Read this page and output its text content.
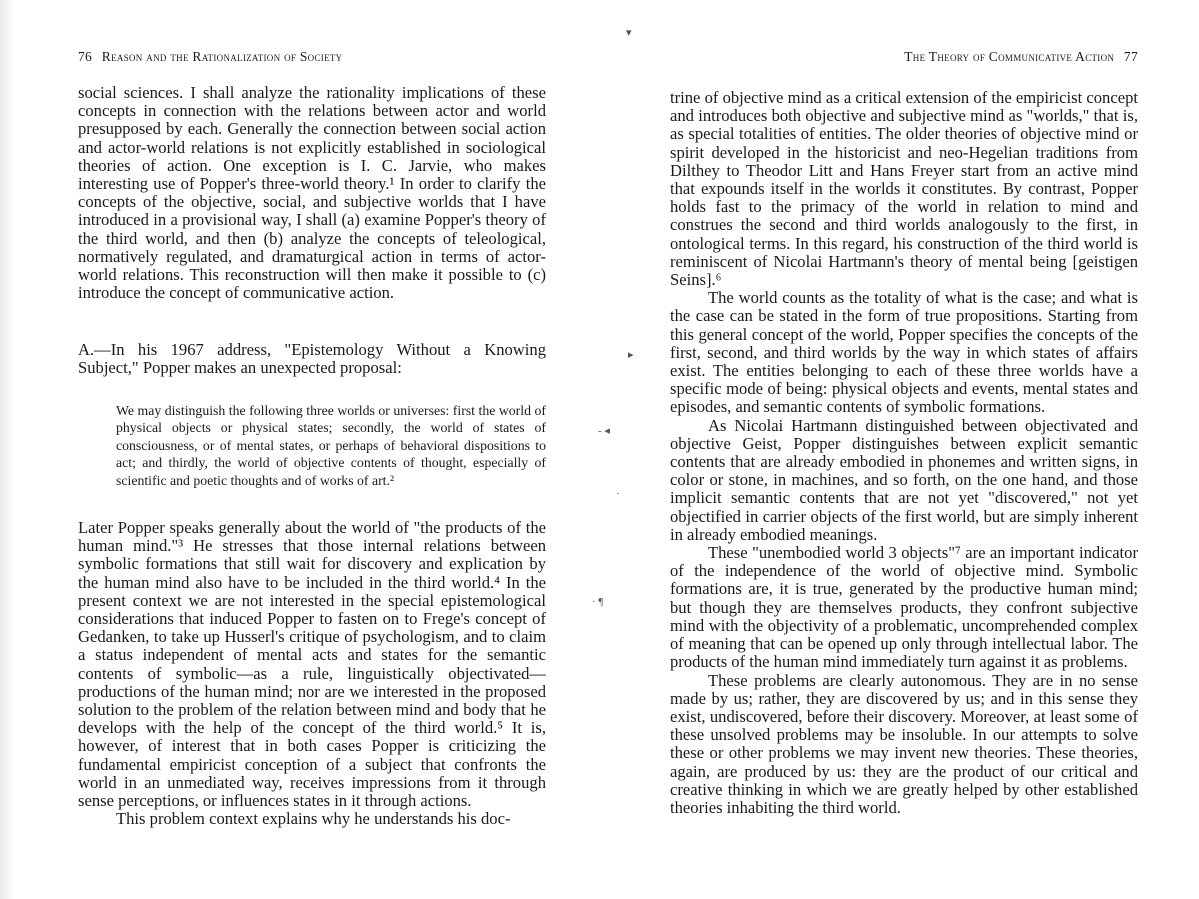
76 Reason and the Rationalization of Society

social sciences. I shall analyze the rationality implications of these concepts in connection with the relations between actor and world presupposed by each. Generally the connection between social action and actor-world relations is not explicitly established in sociological theories of action. One exception is I. C. Jarvie, who makes interesting use of Popper's three-world theory.¹ In order to clarify the concepts of the objective, social, and subjective worlds that I have introduced in a provisional way, I shall (a) examine Popper's theory of the third world, and then (b) analyze the concepts of teleological, normatively regulated, and dramaturgical action in terms of actor-world relations. This reconstruction will then make it possible to (c) introduce the concept of communicative action.

A.—In his 1967 address, "Epistemology Without a Knowing Subject," Popper makes an unexpected proposal:

We may distinguish the following three worlds or universes: first the world of physical objects or physical states; secondly, the world of states of consciousness, or of mental states, or perhaps of behavioral dispositions to act; and thirdly, the world of objective contents of thought, especially of scientific and poetic thoughts and of works of art.²

Later Popper speaks generally about the world of "the products of the human mind."³ He stresses that those internal relations between symbolic formations that still wait for discovery and explication by the human mind also have to be included in the third world.⁴ In the present context we are not interested in the special epistemological considerations that induced Popper to fasten on to Frege's concept of Gedanken, to take up Husserl's critique of psychologism, and to claim a status independent of mental acts and states for the semantic contents of symbolic—as a rule, linguistically objectivated—productions of the human mind; nor are we interested in the proposed solution to the problem of the relation between mind and body that he develops with the help of the concept of the third world.⁵ It is, however, of interest that in both cases Popper is criticizing the fundamental empiricist conception of a subject that confronts the world in an unmediated way, receives impressions from it through sense perceptions, or influences states in it through actions.

This problem context explains why he understands his doc-

The Theory of Communicative Action 77

trine of objective mind as a critical extension of the empiricist concept and introduces both objective and subjective mind as "worlds," that is, as special totalities of entities. The older theories of objective mind or spirit developed in the historicist and neo-Hegelian traditions from Dilthey to Theodor Litt and Hans Freyer start from an active mind that expounds itself in the worlds it constitutes. By contrast, Popper holds fast to the primacy of the world in relation to mind and construes the second and third worlds analogously to the first, in ontological terms. In this regard, his construction of the third world is reminiscent of Nicolai Hartmann's theory of mental being [geistigen Seins].⁶

The world counts as the totality of what is the case; and what is the case can be stated in the form of true propositions. Starting from this general concept of the world, Popper specifies the concepts of the first, second, and third worlds by the way in which states of affairs exist. The entities belonging to each of these three worlds have a specific mode of being: physical objects and events, mental states and episodes, and semantic contents of symbolic formations.

As Nicolai Hartmann distinguished between objectivated and objective Geist, Popper distinguishes between explicit semantic contents that are already embodied in phonemes and written signs, in color or stone, in machines, and so forth, on the one hand, and those implicit semantic contents that are not yet "discovered," not yet objectified in carrier objects of the first world, but are simply inherent in already embodied meanings.

These "unembodied world 3 objects"⁷ are an important indicator of the independence of the world of objective mind. Symbolic formations are, it is true, generated by the productive human mind; but though they are themselves products, they confront subjective mind with the objectivity of a problematic, uncomprehended complex of meaning that can be opened up only through intellectual labor. The products of the human mind immediately turn against it as problems.

These problems are clearly autonomous. They are in no sense made by us; rather, they are discovered by us; and in this sense they exist, undiscovered, before their discovery. Moreover, at least some of these unsolved problems may be insoluble. In our attempts to solve these or other problems we may invent new theories. These theories, again, are produced by us: they are the product of our critical and creative thinking in which we are greatly helped by other established theories inhabiting the third world.

▾
▸
- ◂
·
· ¶
